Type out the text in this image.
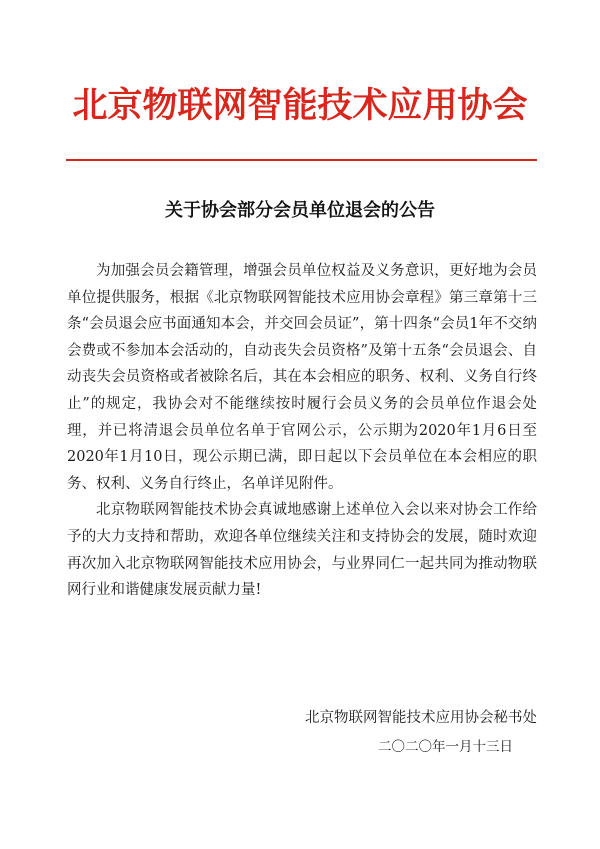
北京物联网智能技术应用协会
关于协会部分会员单位退会的公告

为加强会员会籍管理，增强会员单位权益及义务意识，更好地为会员单位提供服务，根据《北京物联网智能技术应用协会章程》第三章第十三条“会员退会应书面通知本会，并交回会员证”，第十四条“会员1年不交纳会费或不参加本会活动的，自动丧失会员资格”及第十五条“会员退会、自动丧失会员资格或者被除名后，其在本会相应的职务、权利、义务自行终止”的规定，我协会对不能继续按时履行会员义务的会员单位作退会处理，并已将清退会员单位名单于官网公示，公示期为2020年1月6日至2020年1月10日，现公示期已满，即日起以下会员单位在本会相应的职务、权利、义务自行终止，名单详见附件。

北京物联网智能技术协会真诚地感谢上述单位入会以来对协会工作给予的大力支持和帮助，欢迎各单位继续关注和支持协会的发展，随时欢迎再次加入北京物联网智能技术应用协会，与业界同仁一起共同为推动物联网行业和谐健康发展贡献力量!

北京物联网智能技术应用协会秘书处
二〇二〇年一月十三日
